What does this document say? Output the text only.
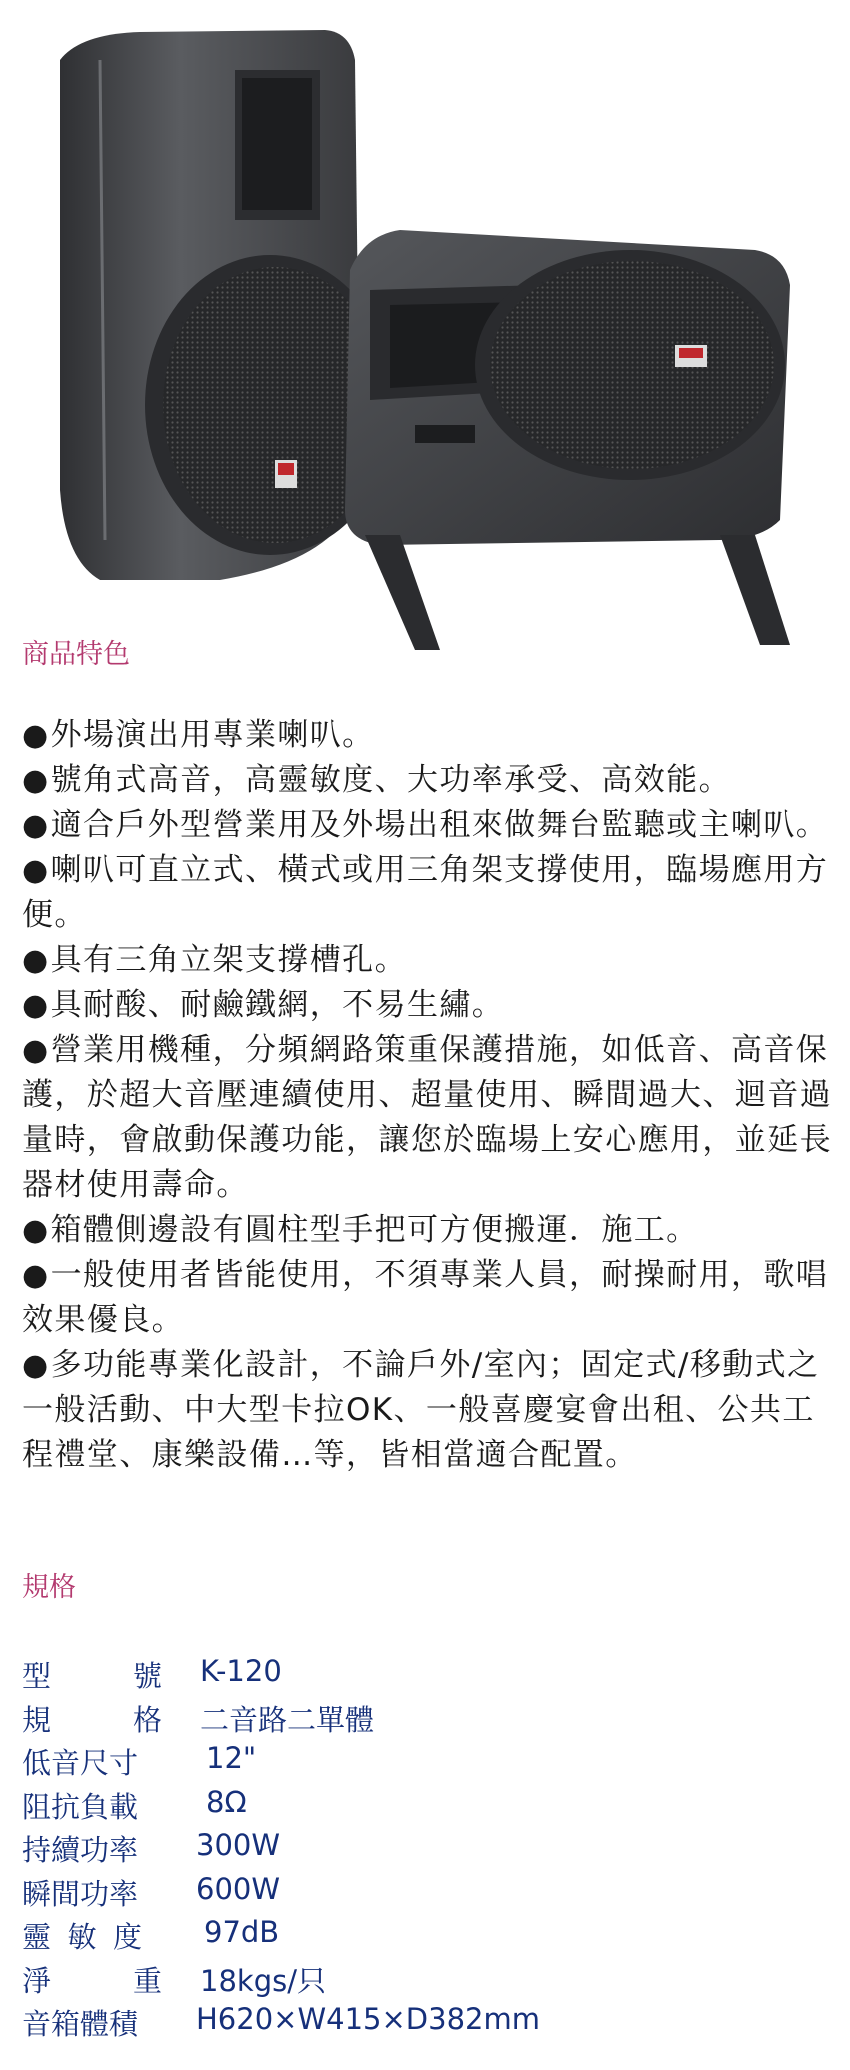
商品特色
●外場演出用專業喇叭。
●號角式高音，高靈敏度、大功率承受、高效能。
●適合戶外型營業用及外場出租來做舞台監聽或主喇叭。
●喇叭可直立式、橫式或用三角架支撐使用，臨場應用方便。
●具有三角立架支撐槽孔。
●具耐酸、耐鹼鐵網，不易生繡。
●營業用機種，分頻網路策重保護措施，如低音、高音保護，於超大音壓連續使用、超量使用、瞬間過大、迴音過量時，會啟動保護功能，讓您於臨場上安心應用，並延長器材使用壽命。
●箱體側邊設有圓柱型手把可方便搬運．施工。
●一般使用者皆能使用，不須專業人員，耐操耐用，歌唱效果優良。
●多功能專業化設計，不論戶外/室內；固定式/移動式之一般活動、中大型卡拉OK、一般喜慶宴會出租、公共工程禮堂、康樂設備…等，皆相當適合配置。
規格
型	號 K-120
規	格 二音路二單體
低音尺寸 12"
阻抗負載 8Ω
持續功率 300W
瞬間功率 600W
靈 敏 度 97dB
淨	重 18kgs/只
音箱體積 H620×W415×D382mm
